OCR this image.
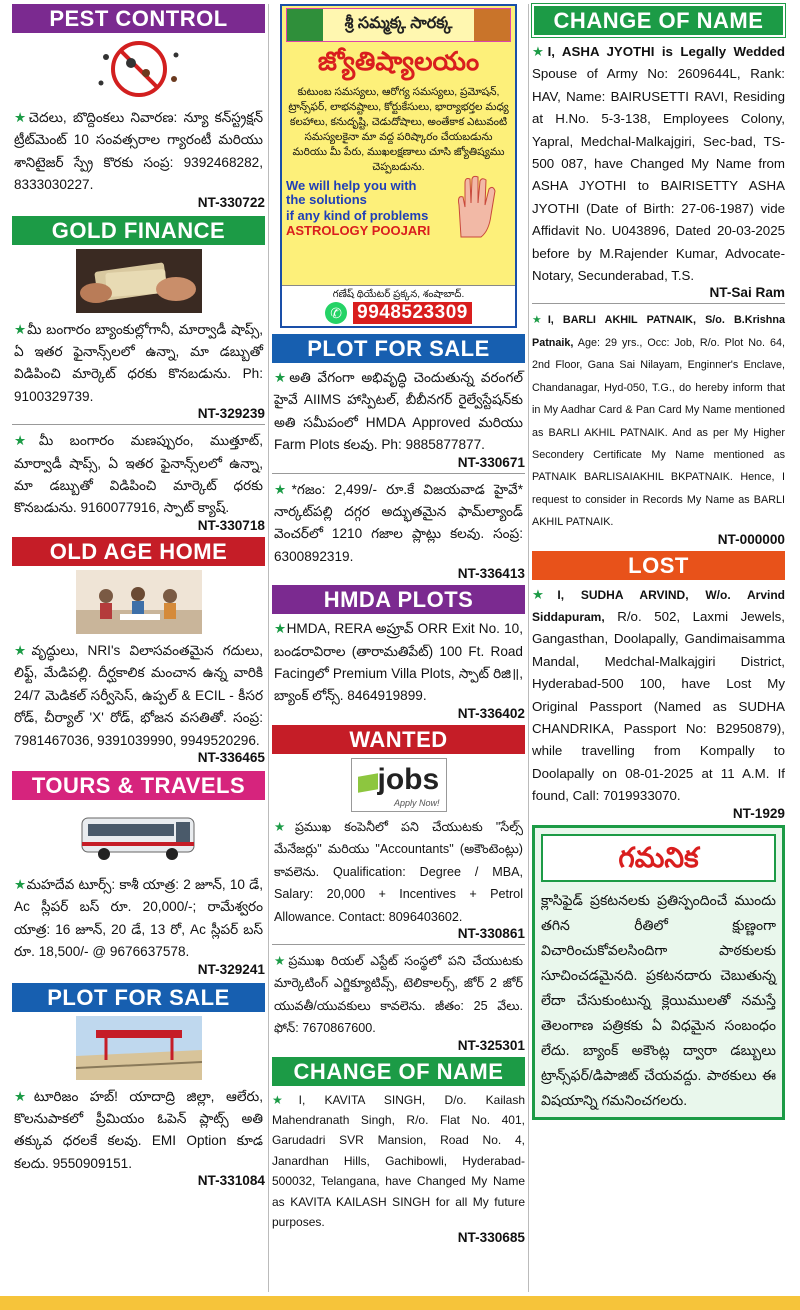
PEST CONTROL
★చెదలు, బొద్దింకలు నివారణ: న్యూ కన్‌స్ట్రక్షన్ ట్రీట్‌మెంట్ 10 సంవత్సరాల గ్యారంటీ మరియు శానిటైజర్ స్ప్రే కొరకు సంప్ర: 9392468282, 8333030227.
NT-330722
GOLD FINANCE
★మీ బంగారం బ్యాంకుల్లోగానీ, మార్వాడీ షాప్స్, ఏ ఇతర ఫైనాన్స్‌లలో ఉన్నా, మా డబ్బుతో విడిపించి మార్కెట్ ధరకు కొనబడును. Ph: 9100329739.
NT-329239
★మీ బంగారం మణప్పురం, ముత్తూట్, మార్వాడీ షాప్స్, ఏ ఇతర ఫైనాన్స్‌లలో ఉన్నా, మా డబ్బుతో విడిపించి మార్కెట్ ధరకు కొనబడును. 9160077916, స్పాట్ క్యాష్.
NT-330718
OLD AGE HOME
★వృద్ధులు, NRI's విలాసవంతమైన గదులు, లిఫ్ట్, మేడిపల్లి. దీర్ఘకాలిక మంచాన ఉన్న వారికి 24/7 మెడికల్ సర్వీసెస్, ఉప్పల్ & ECIL - కీసర రోడ్, చీర్యాల్ 'X' రోడ్, భోజన వసతితో. సంప్ర: 7981467036, 9391039990, 9949520296.
NT-336465
TOURS & TRAVELS
★మహదేవ టూర్స్: కాశీ యాత్ర: 2 జూన్, 10 డే, Ac స్లీపర్ బస్ రూ. 20,000/-; రామేశ్వరం యాత్ర: 16 జూన్, 20 డే, 13 రో, Ac స్లీపర్ బస్ రూ. 18,500/- @ 9676637578.
NT-329241
PLOT FOR SALE
★టూరిజం హబ్! యాదాద్రి జిల్లా, ఆలేరు, కొలనుపాకలో ప్రీమియం ఓపెన్ ప్లాట్స్ అతి తక్కువ ధరలకే కలవు. EMI Option కూడ కలదు. 9550909151.
NT-331084
శ్రీ సమ్మక్క సారక్క
జ్యోతిష్యాలయం
కుటుంబ సమస్యలు, ఆరోగ్య సమస్యలు, ప్రమోషన్, ట్రాన్స్‌ఫర్, లాభనష్టాలు, కోర్టుకేసులు, భార్యాభర్తల మధ్య కలహాలు, కనుదృష్టి, చెడుదోషాలు, అంతేకాక ఎటువంటి సమస్యలకైనా మా వద్ద పరిష్కారం చేయబడును మరియు మీ పేరు, ముఖలక్షణాలు చూసి జ్యోతిష్యము చెప్పబడును.
We will help you with the solutions
if any kind of problems
ASTROLOGY POOJARI
గణేష్ థియేటర్ ప్రక్కన, శంషాబాద్.
✆ 9948523309
PLOT FOR SALE
★అతి వేగంగా అభివృద్ధి చెందుతున్న వరంగల్ హైవే AIIMS హాస్పిటల్, బీబీనగర్ రైల్వేస్టేషన్‌కు అతి సమీపంలో HMDA Approved మరియు Farm Plots కలవు. Ph: 9885877877.
NT-330671
★*గజం: 2,499/- రూ.కే విజయవాడ హైవే* నార్కట్‌పల్లి దగ్గర అద్భుతమైన ఫామ్‌ల్యాండ్ వెంచర్‌లో 1210 గజాల ప్లాట్లు కలవు. సంప్ర: 6300892319.
NT-336413
HMDA PLOTS
★HMDA, RERA అప్రూవ్ ORR Exit No. 10, బండరావిరాల (తారామతిపేట్) 100 Ft. Road Facingలో Premium Villa Plots, స్పాట్ రిజి॥, బ్యాంక్ లోన్స్. 8464919899.
NT-336402
WANTED
jobs
Apply Now!
★ప్రముఖ కంపెనీలో పని చేయుటకు "సేల్స్ మేనేజర్లు" మరియు "Accountants" (అకౌంటెంట్లు) కావలెను. Qualification: Degree / MBA, Salary: 20,000 + Incentives + Petrol Allowance. Contact: 8096403602.
NT-330861
★ప్రముఖ రియల్ ఎస్టేట్ సంస్థలో పని చేయుటకు మార్కెటింగ్ ఎగ్జిక్యూటివ్స్, టెలికాలర్స్, జోర్ 2 జోర్ యువతీ/యువకులు కావలెను. జీతం: 25 వేలు. ఫోన్: 7670867600.
NT-325301
CHANGE OF NAME
★I, KAVITA SINGH, D/o. Kailash Mahendranath Singh, R/o. Flat No. 401, Garudadri SVR Mansion, Road No. 4, Janardhan Hills, Gachibowli, Hyderabad-500032, Telangana, have Changed My Name as KAVITA KAILASH SINGH for all My future purposes.
NT-330685
CHANGE OF NAME
★I, ASHA JYOTHI is Legally Wedded Spouse of Army No: 2609644L, Rank: HAV, Name: BAIRUSETTI RAVI, Residing at H.No. 5-3-138, Employees Colony, Yapral, Medchal-Malkajgiri, Sec-bad, TS-500 087, have Changed My Name from ASHA JYOTHI to BAIRISETTY ASHA JYOTHI (Date of Birth: 27-06-1987) vide Affidavit No. U043896, Dated 20-03-2025 before by M.Rajender Kumar, Advocate-Notary, Secunderabad, T.S.
NT-Sai Ram
★I, BARLI AKHIL PATNAIK, S/o. B.Krishna Patnaik, Age: 29 yrs., Occ: Job, R/o. Plot No. 64, 2nd Floor, Gana Sai Nilayam, Enginner's Enclave, Chandanagar, Hyd-050, T.G., do hereby inform that in My Aadhar Card & Pan Card My Name mentioned as BARLI AKHIL PATNAIK. And as per My Higher Secondery Certificate My Name mentioned as PATNAIK BARLISAIAKHIL BKPATNAIK. Hence, I request to consider in Records My Name as BARLI AKHIL PATNAIK.
NT-000000
LOST
★I, SUDHA ARVIND, W/o. Arvind Siddapuram, R/o. 502, Laxmi Jewels, Gangasthan, Doolapally, Gandimaisamma Mandal, Medchal-Malkajgiri District, Hyderabad-500 100, have Lost My Original Passport (Named as SUDHA CHANDRIKA, Passport No: B2950879), while travelling from Kompally to Doolapally on 08-01-2025 at 11 A.M. If found, Call: 7019933070.
NT-1929
గమనిక
క్లాసిఫైడ్ ప్రకటనలకు ప్రతిస్పందించే ముందు తగిన రీతిలో క్షుణ్ణంగా విచారించుకోవలసిందిగా పాఠకులకు సూచించడమైనది. ప్రకటనదారు చెబుతున్న లేదా చేసుకుంటున్న క్లెయిములతో నమస్తే తెలంగాణ పత్రికకు ఏ విధమైన సంబంధం లేదు. బ్యాంక్ అకౌంట్ల ద్వారా డబ్బులు ట్రాన్స్‌ఫర్/డిపాజిట్ చేయవద్దు. పాఠకులు ఈ విషయాన్ని గమనించగలరు.
